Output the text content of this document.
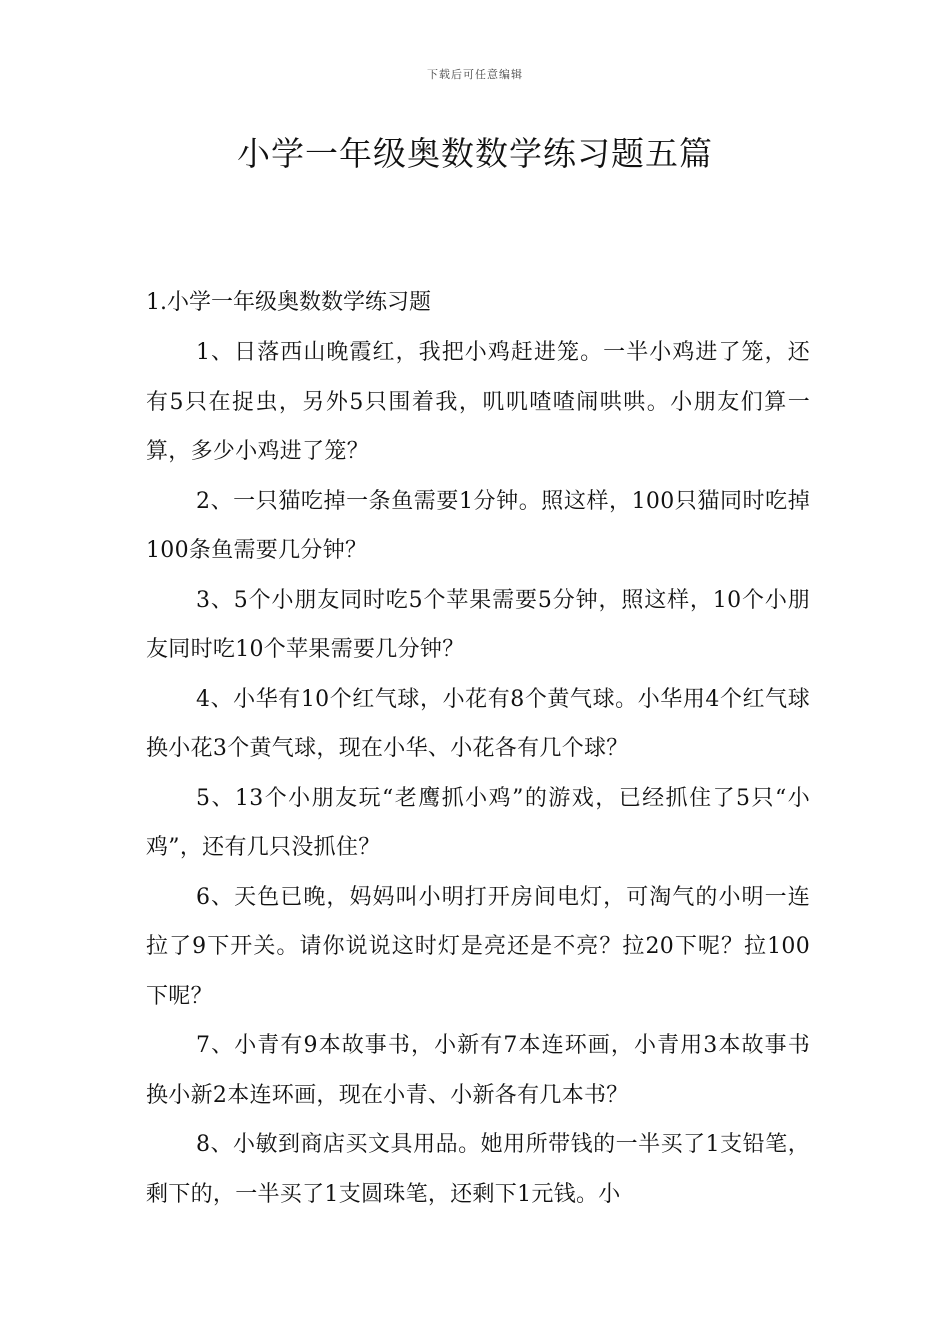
下载后可任意编辑
小学一年级奥数数学练习题五篇

1.小学一年级奥数数学练习题

1、日落西山晚霞红，我把小鸡赶进笼。一半小鸡进了笼，还有5只在捉虫，另外5只围着我，叽叽喳喳闹哄哄。小朋友们算一算，多少小鸡进了笼？

2、一只猫吃掉一条鱼需要1分钟。照这样，100只猫同时吃掉100条鱼需要几分钟？

3、5个小朋友同时吃5个苹果需要5分钟，照这样，10个小朋友同时吃10个苹果需要几分钟？

4、小华有10个红气球，小花有8个黄气球。小华用4个红气球换小花3个黄气球，现在小华、小花各有几个球？

5、13个小朋友玩“老鹰抓小鸡”的游戏，已经抓住了5只“小鸡”，还有几只没抓住？

6、天色已晚，妈妈叫小明打开房间电灯，可淘气的小明一连拉了9下开关。请你说说这时灯是亮还是不亮？拉20下呢？拉100下呢？

7、小青有9本故事书，小新有7本连环画，小青用3本故事书换小新2本连环画，现在小青、小新各有几本书？

8、小敏到商店买文具用品。她用所带钱的一半买了1支铅笔，剩下的，一半买了1支圆珠笔，还剩下1元钱。小
